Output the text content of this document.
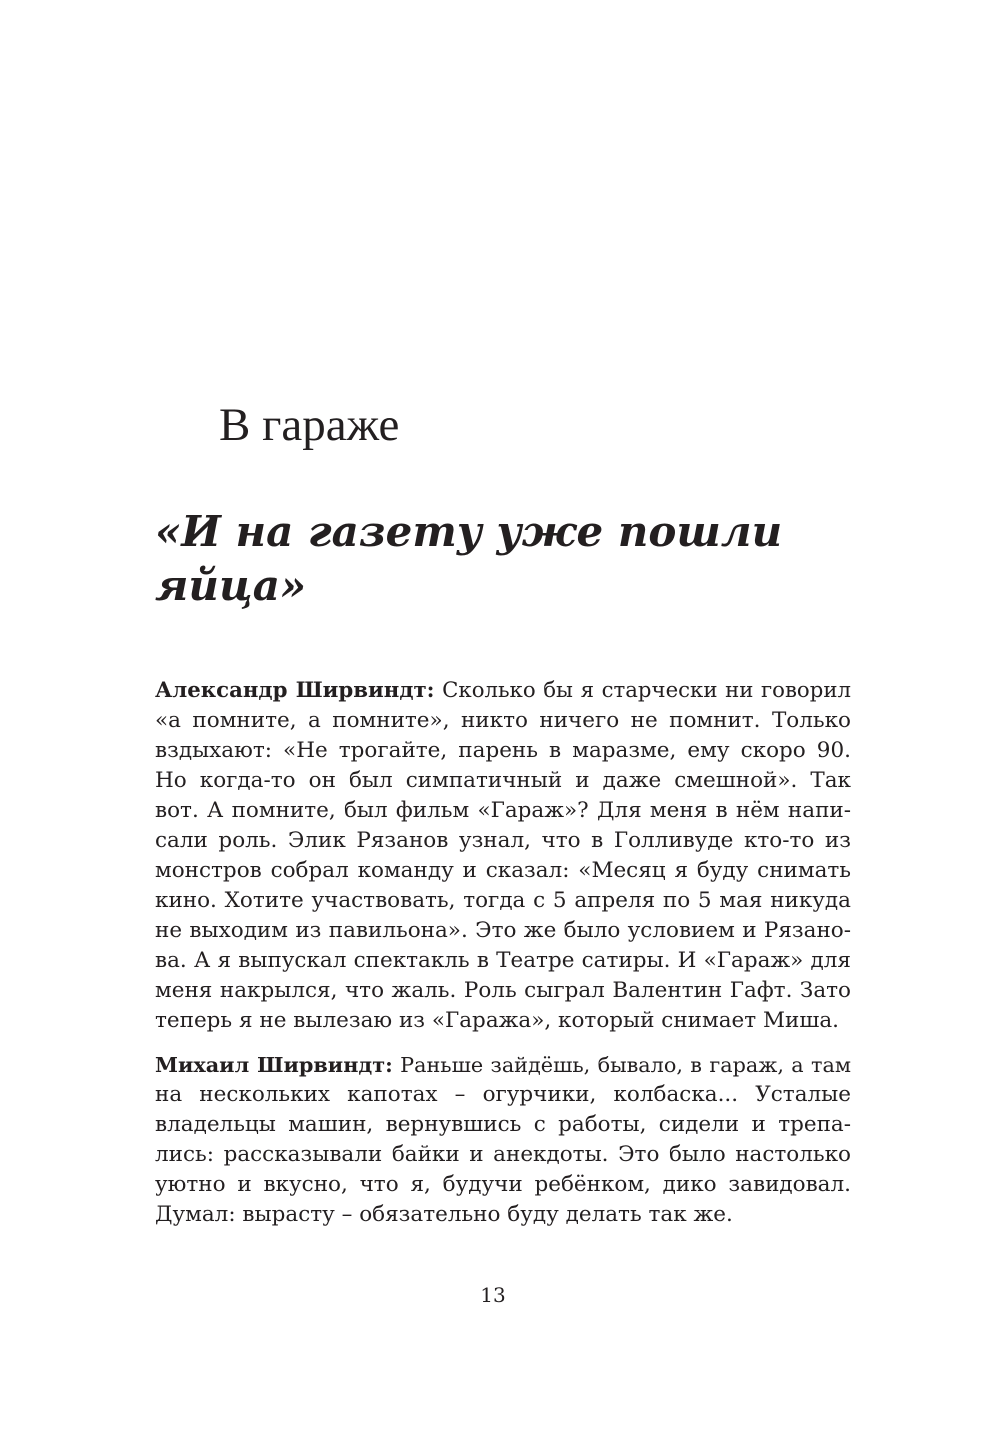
В гараже
«И на газету уже пошли
яйца»

Александр Ширвиндт: Сколько бы я старчески ни говорил
«а помните, а помните», никто ничего не помнит. Только
вздыхают: «Не трогайте, парень в маразме, ему скоро 90.
Но когда-то он был симпатичный и даже смешной». Так
вот. А помните, был фильм «Гараж»? Для меня в нём напи-
сали роль. Элик Рязанов узнал, что в Голливуде кто-то из
монстров собрал команду и сказал: «Месяц я буду снимать
кино. Хотите участвовать, тогда с 5 апреля по 5 мая никуда
не выходим из павильона». Это же было условием и Рязано-
ва. А я выпускал спектакль в Театре сатиры. И «Гараж» для
меня накрылся, что жаль. Роль сыграл Валентин Гафт. Зато
теперь я не вылезаю из «Гаража», который снимает Миша.

Михаил Ширвиндт: Раньше зайдёшь, бывало, в гараж, а там
на нескольких капотах – огурчики, колбаска... Усталые
владельцы машин, вернувшись с работы, сидели и трепа-
лись: рассказывали байки и анекдоты. Это было настолько
уютно и вкусно, что я, будучи ребёнком, дико завидовал.
Думал: вырасту – обязательно буду делать так же.

13
